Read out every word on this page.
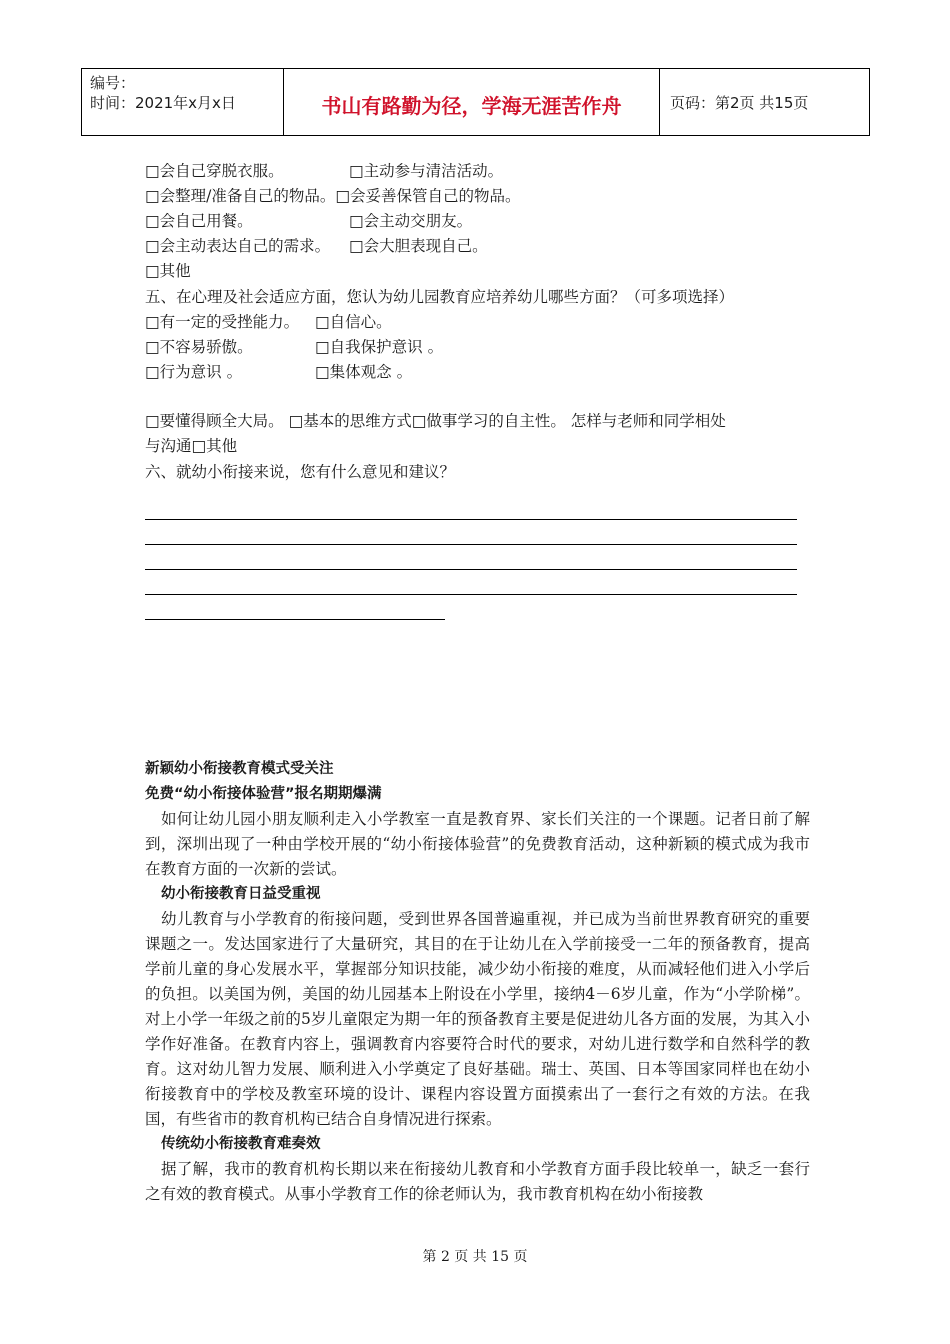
编号：
时间：2021年x月x日	书山有路勤为径，学海无涯苦作舟	页码：第2页 共15页
□会自己穿脱衣服。	□主动参与清洁活动。
□会整理/准备自己的物品。□会妥善保管自己的物品。
□会自己用餐。	□会主动交朋友。
□会主动表达自己的需求。 □会大胆表现自己。
□其他
五、在心理及社会适应方面，您认为幼儿园教育应培养幼儿哪些方面？（可多项选择）
□有一定的受挫能力。 □自信心。
□不容易骄傲。	□自我保护意识 。
□行为意识 。	□集体观念 。
□要懂得顾全大局。 □基本的思维方式□做事学习的自主性。 怎样与老师和同学相处
与沟通□其他
六、就幼小衔接来说，您有什么意见和建议？
新颖幼小衔接教育模式受关注
免费“幼小衔接体验营”报名期期爆满

如何让幼儿园小朋友顺利走入小学教室一直是教育界、家长们关注的一个课题。记者日前了解到，深圳出现了一种由学校开展的“幼小衔接体验营”的免费教育活动，这种新颖的模式成为我市在教育方面的一次新的尝试。

幼小衔接教育日益受重视

幼儿教育与小学教育的衔接问题，受到世界各国普遍重视，并已成为当前世界教育研究的重要课题之一。发达国家进行了大量研究，其目的在于让幼儿在入学前接受一二年的预备教育，提高学前儿童的身心发展水平，掌握部分知识技能，减少幼小衔接的难度，从而减轻他们进入小学后的负担。以美国为例，美国的幼儿园基本上附设在小学里，接纳4－6岁儿童，作为“小学阶梯”。对上小学一年级之前的5岁儿童限定为期一年的预备教育主要是促进幼儿各方面的发展，为其入小学作好准备。在教育内容上，强调教育内容要符合时代的要求，对幼儿进行数学和自然科学的教育。这对幼儿智力发展、顺利进入小学奠定了良好基础。瑞士、英国、日本等国家同样也在幼小衔接教育中的学校及教室环境的设计、课程内容设置方面摸索出了一套行之有效的方法。在我国，有些省市的教育机构已结合自身情况进行探索。

传统幼小衔接教育难奏效

据了解，我市的教育机构长期以来在衔接幼儿教育和小学教育方面手段比较单一，缺乏一套行之有效的教育模式。从事小学教育工作的徐老师认为，我市教育机构在幼小衔接教

第 2 页 共 15 页
